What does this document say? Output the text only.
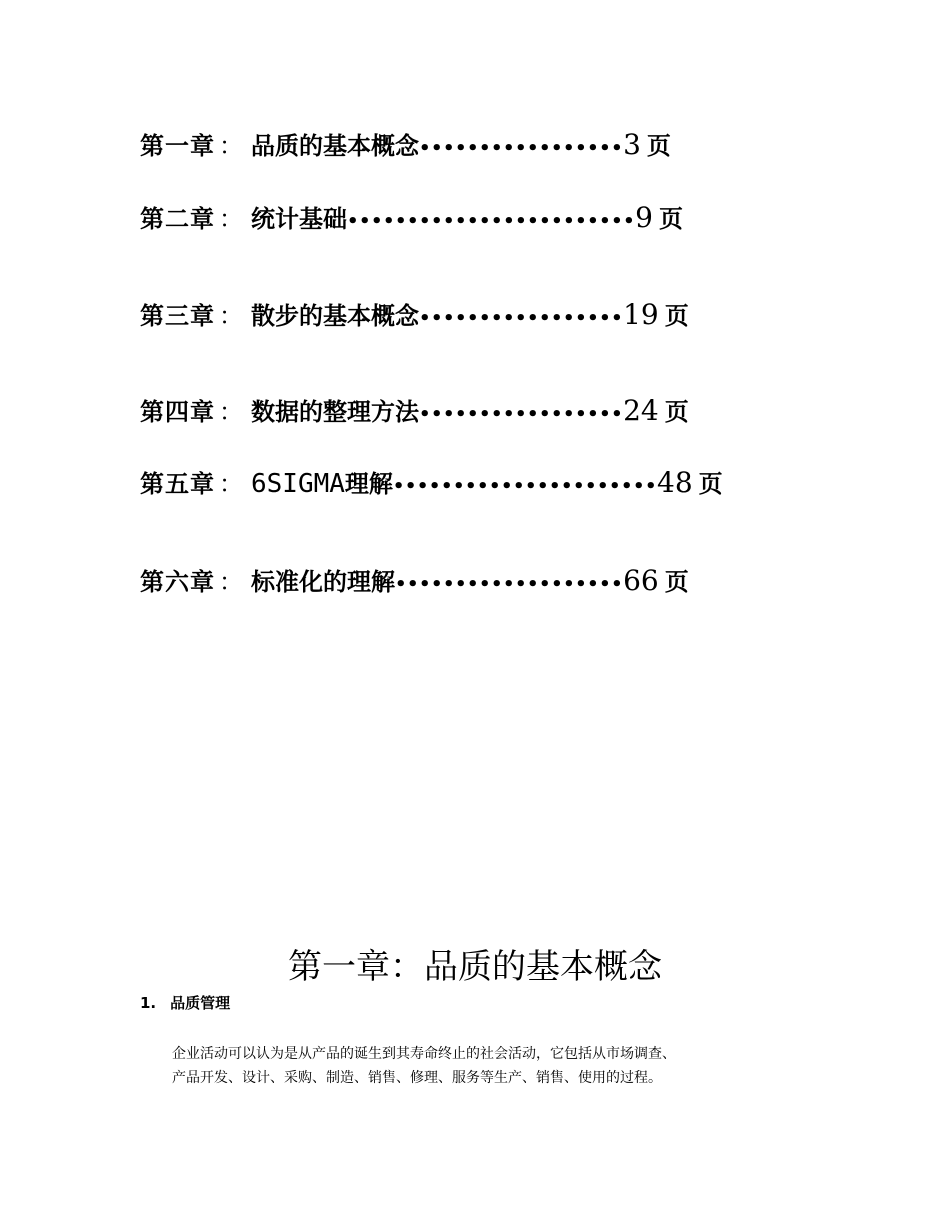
第一章 ： 品质的基本概念•••••••••••••••••3 页
第二章 ： 统计基础••••••••••••••••••••••••9 页
第三章 ： 散步的基本概念•••••••••••••••••19 页
第四章 ： 数据的整理方法•••••••••••••••••24 页
第五章 ： 6SIGMA理解••••••••••••••••••••••48 页
第六章 ： 标准化的理解•••••••••••••••••••66 页
第一章：品质的基本概念
1. 品质管理
企业活动可以认为是从产品的诞生到其寿命终止的社会活动，它包括从市场调查、
产品开发、设计、采购、制造、销售、修理、服务等生产、销售、使用的过程。
